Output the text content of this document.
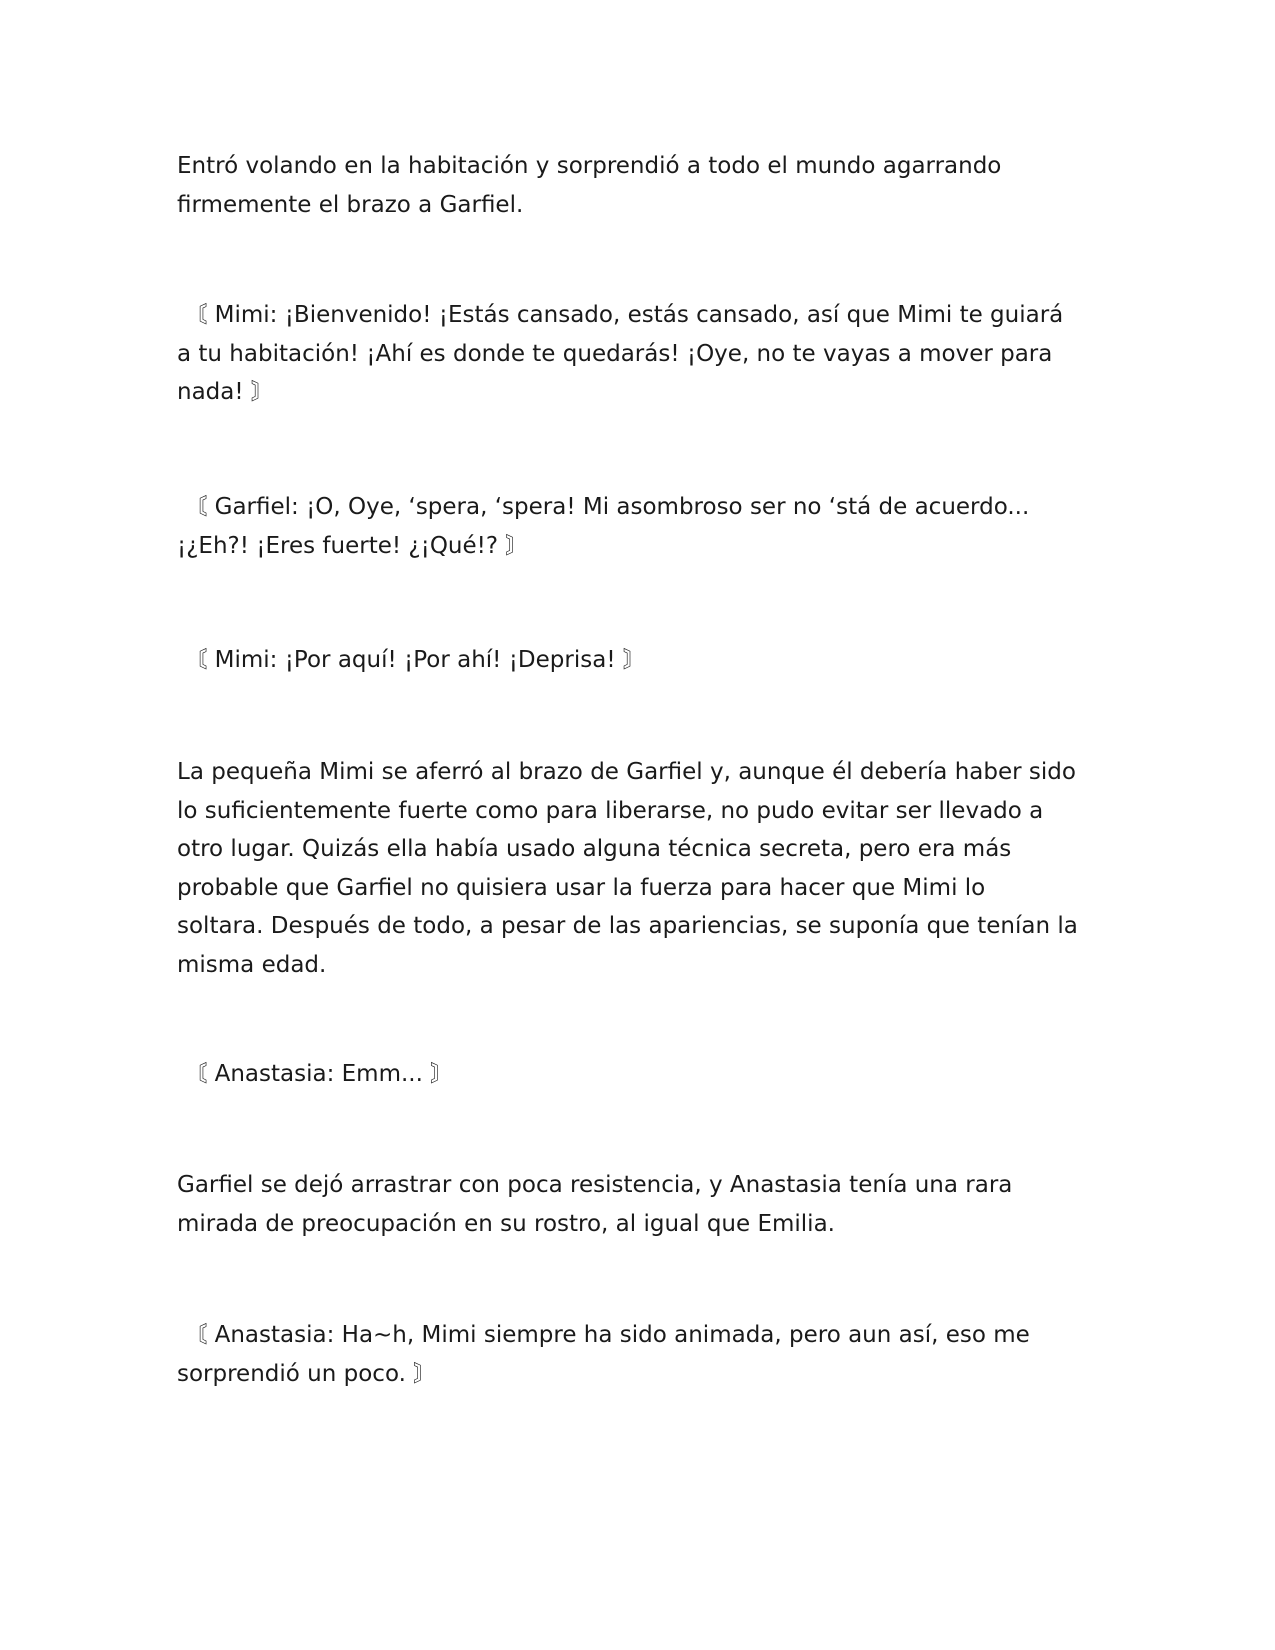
Entró volando en la habitación y sorprendió a todo el mundo agarrando
firmemente el brazo a Garfiel.

〘 Mimi: ¡Bienvenido! ¡Estás cansado, estás cansado, así que Mimi te guiará
a tu habitación! ¡Ahí es donde te quedarás! ¡Oye, no te vayas a mover para
nada! 〙

〘 Garfiel: ¡O, Oye, ‘spera, ‘spera! Mi asombroso ser no ‘stá de acuerdo...
¡¿Eh?! ¡Eres fuerte! ¿¡Qué!? 〙

〘 Mimi: ¡Por aquí! ¡Por ahí! ¡Deprisa! 〙

La pequeña Mimi se aferró al brazo de Garfiel y, aunque él debería haber sido
lo suficientemente fuerte como para liberarse, no pudo evitar ser llevado a
otro lugar. Quizás ella había usado alguna técnica secreta, pero era más
probable que Garfiel no quisiera usar la fuerza para hacer que Mimi lo
soltara. Después de todo, a pesar de las apariencias, se suponía que tenían la
misma edad.

〘 Anastasia: Emm... 〙

Garfiel se dejó arrastrar con poca resistencia, y Anastasia tenía una rara
mirada de preocupación en su rostro, al igual que Emilia.

〘 Anastasia: Ha~h, Mimi siempre ha sido animada, pero aun así, eso me
sorprendió un poco. 〙
